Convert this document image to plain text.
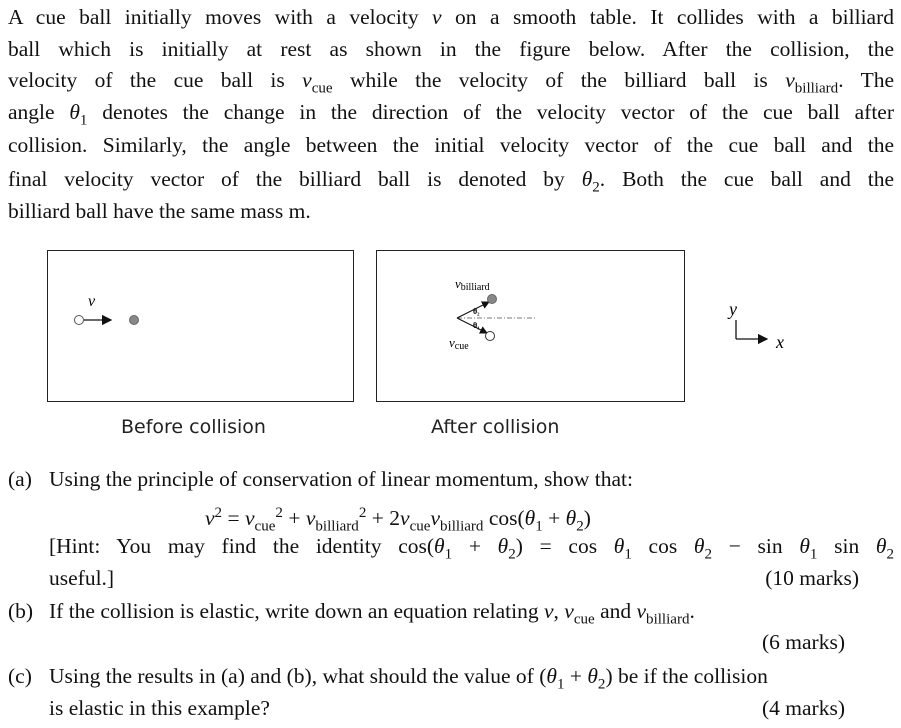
A cue ball initially moves with a velocity v on a smooth table. It collides with a billiard
ball which is initially at rest as shown in the figure below. After the collision, the
velocity of the cue ball is $v_{cue}$ while the velocity of the billiard ball is $v_{billiard}$. The
angle $\theta_1$ denotes the change in the direction of the velocity vector of the cue ball after
collision. Similarly, the angle between the initial velocity vector of the cue ball and the
final velocity vector of the billiard ball is denoted by $\theta_2$. Both the cue ball and the
billiard ball have the same mass m.
v
θ₂
θ₁
vbilliard
vcue
y
x
Before collision	After collision
(a) Using the principle of conservation of linear momentum, show that:
$v^2 = v_{cue}^2 + v_{billiard}^2 + 2v_{cue}v_{billiard}$ $\cos(\theta_1 + \theta_2)$
[Hint: You may find the identity $\cos(\theta_1 + \theta_2) = \cos \theta_1$ $\cos \theta_2 - \sin \theta_1$ $\sin \theta_2$
useful.]	(10 marks)
(b) If the collision is elastic, write down an equation relating v, $v_{cue}$ and $v_{billiard}$.
(6 marks)
(c) Using the results in (a) and (b), what should the value of $(\theta_1 + \theta_2)$ be if the collision
is elastic in this example?	(4 marks)
